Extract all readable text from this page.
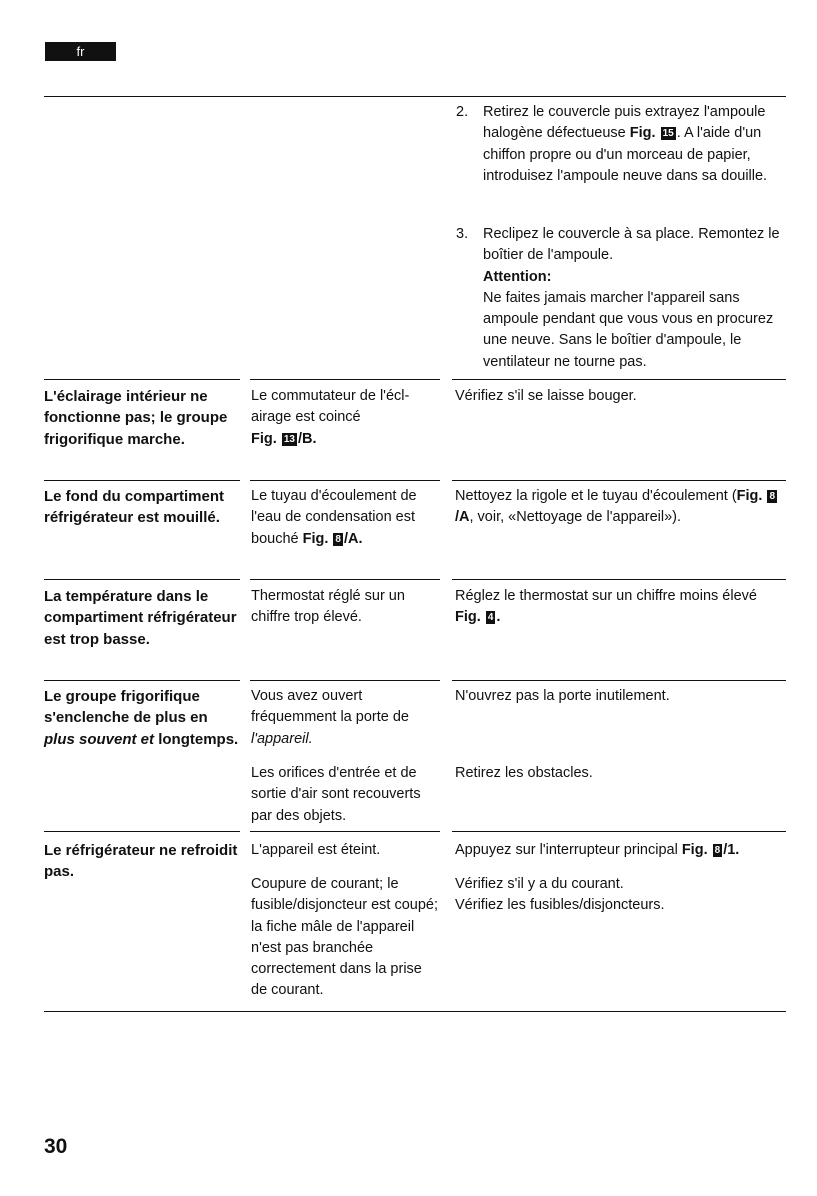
fr
2. Retirez le couvercle puis extrayez l'ampoule halogène défectueuse Fig. 15 . A l'aide d'un chiffon propre ou d'un morceau de papier, introduisez l'ampoule neuve dans sa douille.
3. Reclipez le couvercle à sa place. Remontez le boîtier de l'ampoule.
Attention:
Ne faites jamais marcher l'appareil sans ampoule pendant que vous vous en procurez une neuve. Sans le boîtier d'ampoule, le ventilateur ne tourne pas.
L'éclairage intérieur ne fonctionne pas; le groupe frigorifique marche.
Le commutateur de l'écl-airage est coincé
Fig. 13 /B.
Vérifiez s'il se laisse bouger.
Le fond du compartiment réfrigérateur est mouillé.
Le tuyau d'écoulement de l'eau de condensation est bouché Fig. 8 /A.
Nettoyez la rigole et le tuyau d'écoulement (Fig. 8/A, voir, «Nettoyage de l'appareil»).
La température dans le compartiment réfrigérateur est trop basse.
Thermostat réglé sur un chiffre trop élevé.
Réglez le thermostat sur un chiffre moins élevé
Fig. 4 .
Le groupe frigorifique s'enclenche de plus en plus souvent et longtemps.
Vous avez ouvert fréquemment la porte de l'appareil.
N'ouvrez pas la porte inutilement.
Les orifices d'entrée et de sortie d'air sont recouverts par des objets.
Retirez les obstacles.
Le réfrigérateur ne refroidit pas.
L'appareil est éteint.	Appuyez sur l'interrupteur principal Fig. 8 /1.
Coupure de courant; le fusible/disjoncteur est coupé; la fiche mâle de l'appareil n'est pas branchée correctement dans la prise de courant.
Vérifiez s'il y a du courant.
Vérifiez les fusibles/disjoncteurs.
30
